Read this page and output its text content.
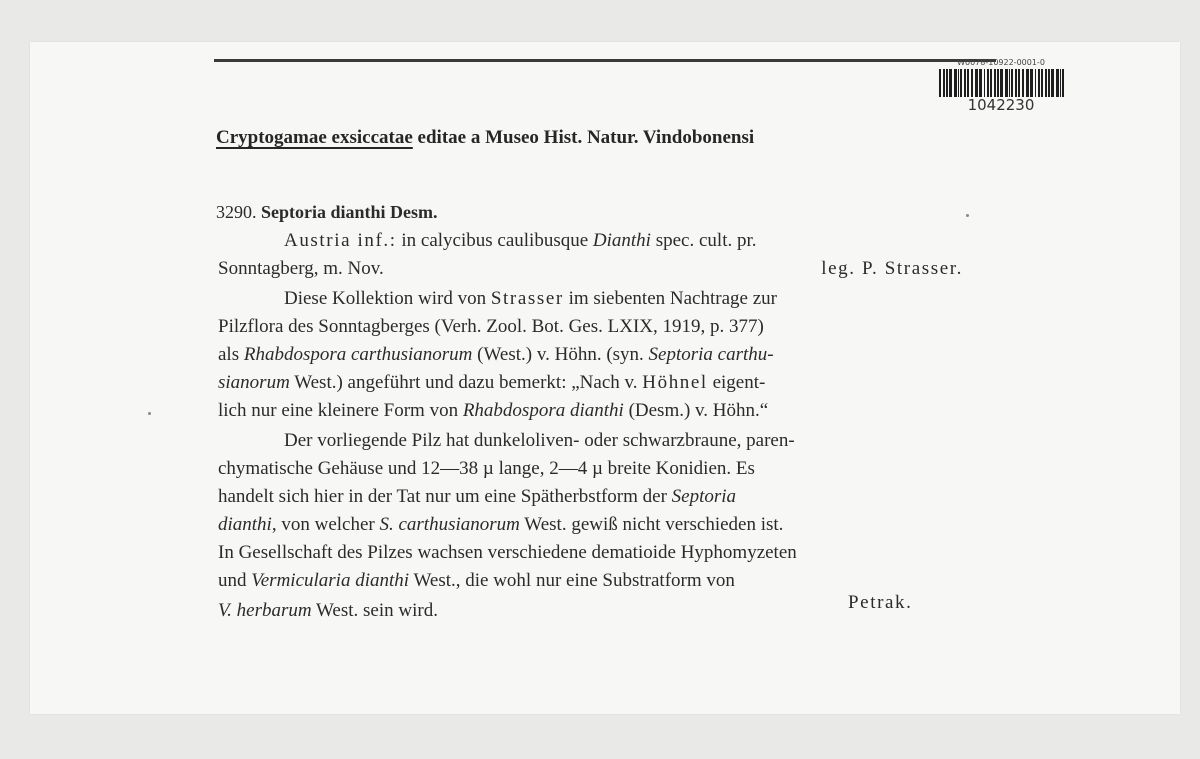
W0078-10922-0001-0
1042230
Cryptogamae exsiccatae editae a Museo Hist. Natur. Vindobonensi
3290. Septoria dianthi Desm.
Austria inf.: in calycibus caulibusque Dianthi spec. cult. pr.
Sonntagberg, m. Nov.	leg. P. Strasser.
Diese Kollektion wird von Strasser im siebenten Nachtrage zur
Pilzflora des Sonntagberges (Verh. Zool. Bot. Ges. LXIX, 1919, p. 377)
als Rhabdospora carthusianorum (West.) v. Höhn. (syn. Septoria carthu-
sianorum West.) angeführt und dazu bemerkt: „Nach v. Höhnel eigent-
lich nur eine kleinere Form von Rhabdospora dianthi (Desm.) v. Höhn.“
Der vorliegende Pilz hat dunkeloliven- oder schwarzbraune, paren-
chymatische Gehäuse und 12—38 µ lange, 2—4 µ breite Konidien. Es
handelt sich hier in der Tat nur um eine Spätherbstform der Septoria
dianthi, von welcher S. carthusianorum West. gewiß nicht verschieden ist.
In Gesellschaft des Pilzes wachsen verschiedene dematioide Hyphomyzeten
und Vermicularia dianthi West., die wohl nur eine Substratform von
V. herbarum West. sein wird.	Petrak.
